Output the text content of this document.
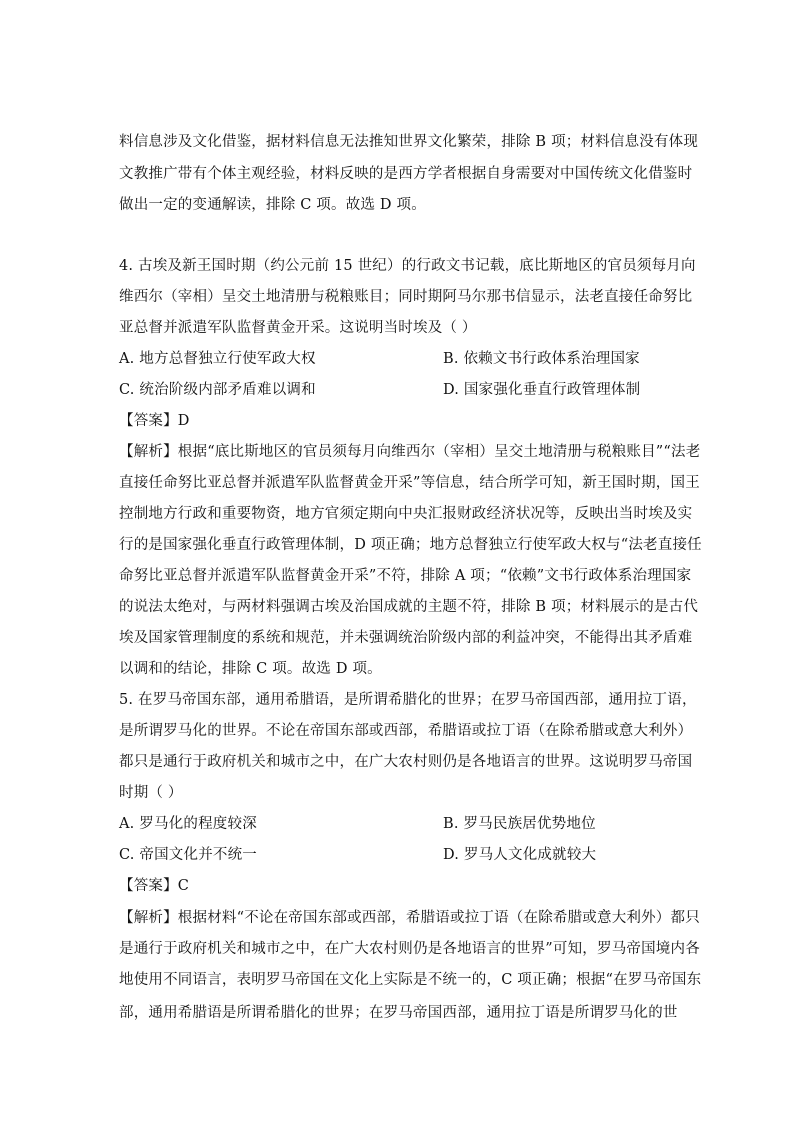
料信息涉及文化借鉴，据材料信息无法推知世界文化繁荣，排除 B 项；材料信息没有体现
文教推广带有个体主观经验，材料反映的是西方学者根据自身需要对中国传统文化借鉴时
做出一定的变通解读，排除 C 项。故选 D 项。
4. 古埃及新王国时期（约公元前 15 世纪）的行政文书记载，底比斯地区的官员须每月向
维西尔（宰相）呈交土地清册与税粮账目；同时期阿马尔那书信显示，法老直接任命努比
亚总督并派遣军队监督黄金开采。这说明当时埃及（ ）
A. 地方总督独立行使军政大权	B. 依赖文书行政体系治理国家
C. 统治阶级内部矛盾难以调和	D. 国家强化垂直行政管理体制
【答案】D
【解析】根据“底比斯地区的官员须每月向维西尔（宰相）呈交土地清册与税粮账目”“法老
直接任命努比亚总督并派遣军队监督黄金开采”等信息，结合所学可知，新王国时期，国王
控制地方行政和重要物资，地方官须定期向中央汇报财政经济状况等，反映出当时埃及实
行的是国家强化垂直行政管理体制，D 项正确；地方总督独立行使军政大权与“法老直接任
命努比亚总督并派遣军队监督黄金开采”不符，排除 A 项；“依赖”文书行政体系治理国家
的说法太绝对，与两材料强调古埃及治国成就的主题不符，排除 B 项；材料展示的是古代
埃及国家管理制度的系统和规范，并未强调统治阶级内部的利益冲突，不能得出其矛盾难
以调和的结论，排除 C 项。故选 D 项。
5. 在罗马帝国东部，通用希腊语，是所谓希腊化的世界；在罗马帝国西部，通用拉丁语，
是所谓罗马化的世界。不论在帝国东部或西部，希腊语或拉丁语（在除希腊或意大利外）
都只是通行于政府机关和城市之中，在广大农村则仍是各地语言的世界。这说明罗马帝国
时期（ ）
A. 罗马化的程度较深	B. 罗马民族居优势地位
C. 帝国文化并不统一	D. 罗马人文化成就较大
【答案】C
【解析】根据材料“不论在帝国东部或西部，希腊语或拉丁语（在除希腊或意大利外）都只
是通行于政府机关和城市之中，在广大农村则仍是各地语言的世界”可知，罗马帝国境内各
地使用不同语言，表明罗马帝国在文化上实际是不统一的，C 项正确；根据“在罗马帝国东
部，通用希腊语是所谓希腊化的世界；在罗马帝国西部，通用拉丁语是所谓罗马化的世
